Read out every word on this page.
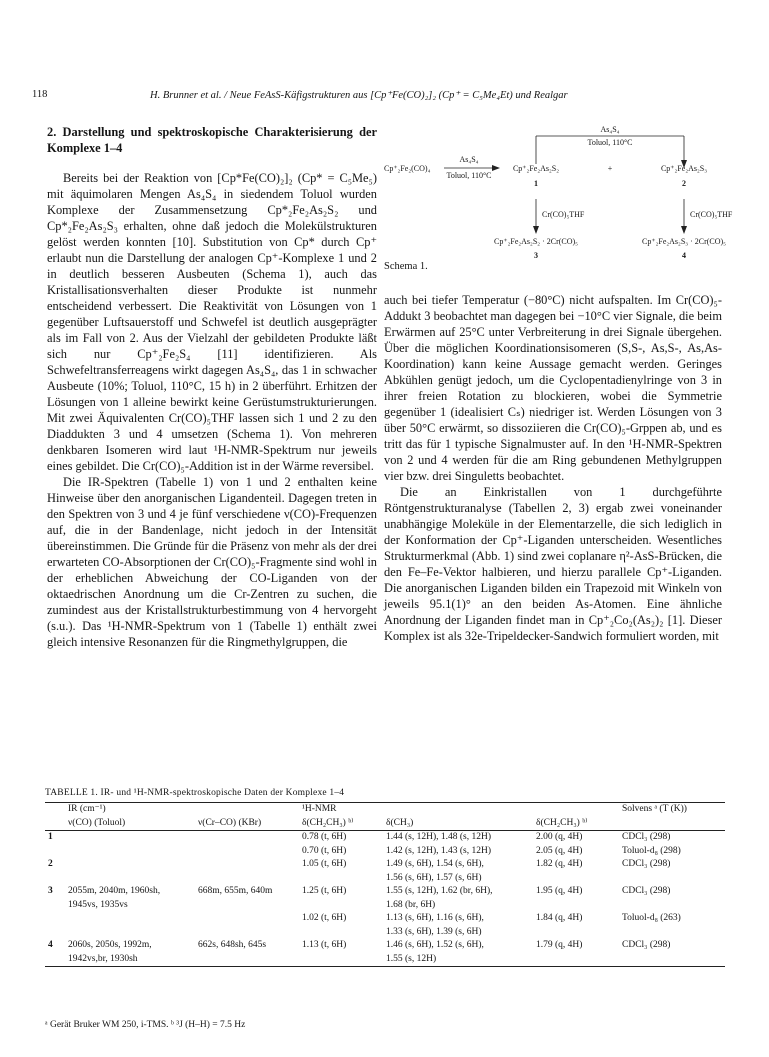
118	H. Brunner et al. / Neue FeAsS-Käfigstrukturen aus [Cp⁺Fe(CO)₂]₂ (Cp⁺ = C₅Me₄Et) und Realgar

2. Darstellung und spektroskopische Charakterisierung der Komplexe 1–4

Bereits bei der Reaktion von [Cp*Fe(CO)₂]₂ (Cp* = C₅Me₅) mit äquimolaren Mengen As₄S₄ in siedendem Toluol wurden Komplexe der Zusammensetzung Cp*₂Fe₂As₂S₂ und Cp*₂Fe₂As₂S₃ erhalten, ohne daß jedoch die Molekülstrukturen gelöst werden konnten [10]. Substitution von Cp* durch Cp⁺ erlaubt nun die Darstellung der analogen Cp⁺-Komplexe 1 und 2 in deutlich besseren Ausbeuten (Schema 1), auch das Kristallisationsverhalten dieser Produkte ist nunmehr entscheidend verbessert. Die Reaktivität von Lösungen von 1 gegenüber Luftsauerstoff und Schwefel ist deutlich ausgeprägter als im Fall von 2. Aus der Vielzahl der gebildeten Produkte läßt sich nur Cp⁺₂Fe₂S₄ [11] identifizieren. Als Schwefeltransferreagens wirkt dagegen As₄S₄, das 1 in schwacher Ausbeute (10%; Toluol, 110°C, 15 h) in 2 überführt. Erhitzen der Lösungen von 1 alleine bewirkt keine Gerüstumstrukturierungen. Mit zwei Äquivalenten Cr(CO)₅THF lassen sich 1 und 2 zu den Diaddukten 3 und 4 umsetzen (Schema 1). Von mehreren denkbaren Isomeren wird laut ¹H-NMR-Spektrum nur jeweils eines gebildet. Die Cr(CO)₅-Addition ist in der Wärme reversibel.

Die IR-Spektren (Tabelle 1) von 1 und 2 enthalten keine Hinweise über den anorganischen Ligandenteil. Dagegen treten in den Spektren von 3 und 4 je fünf verschiedene ν(CO)-Frequenzen auf, die in der Bandenlage, nicht jedoch in der Intensität übereinstimmen. Die Gründe für die Präsenz von mehr als der drei erwarteten CO-Absorptionen der Cr(CO)₅-Fragmente sind wohl in der erheblichen Abweichung der CO-Liganden von der oktaedrischen Anordnung um die Cr-Zentren zu suchen, die zumindest aus der Kristallstrukturbestimmung von 4 hervorgeht (s.u.). Das ¹H-NMR-Spektrum von 1 (Tabelle 1) enthält zwei gleich intensive Resonanzen für die Ringmethylgruppen, die

As₄S₄
Toluol, 110°C
Cp⁺₂Fe₂(CO)₄
As₄S₄
Toluol, 110°C
Cp⁺₂Fe₂As₂S₂	+	Cp⁺₂Fe₂As₂S₃
1	2
Cr(CO)₅THF	Cr(CO)₅THF
Cp⁺₂Fe₂As₂S₂ · 2Cr(CO)₅	Cp⁺₂Fe₂As₂S₃ · 2Cr(CO)₅
3	4
Schema 1.

auch bei tiefer Temperatur (−80°C) nicht aufspalten. Im Cr(CO)₅-Addukt 3 beobachtet man dagegen bei −10°C vier Signale, die beim Erwärmen auf 25°C unter Verbreiterung in drei Signale übergehen. Über die möglichen Koordinationsisomeren (S,S-, As,S-, As,As-Koordination) kann keine Aussage gemacht werden. Geringes Abkühlen genügt jedoch, um die Cyclopentadienylringe von 3 in ihrer freien Rotation zu blockieren, wobei die Symmetrie gegenüber 1 (idealisiert Cₛ) niedriger ist. Werden Lösungen von 3 über 50°C erwärmt, so dissoziieren die Cr(CO)₅-Grppen ab, und es tritt das für 1 typische Signalmuster auf. In den ¹H-NMR-Spektren von 2 und 4 werden für die am Ring gebundenen Methylgruppen vier bzw. drei Singuletts beobachtet.

Die an Einkristallen von 1 durchgeführte Röntgenstrukturanalyse (Tabellen 2, 3) ergab zwei voneinander unabhängige Moleküle in der Elementarzelle, die sich lediglich in der Konformation der Cp⁺-Liganden unterscheiden. Wesentliches Strukturmerkmal (Abb. 1) sind zwei coplanare η²-AsS-Brücken, die den Fe–Fe-Vektor halbieren, und hierzu parallele Cp⁺-Liganden. Die anorganischen Liganden bilden ein Trapezoid mit Winkeln von jeweils 95.1(1)° an den beiden As-Atomen. Eine ähnliche Anordnung der Liganden findet man in Cp⁺₂Co₂(As₂)₂ [1]. Dieser Komplex ist als 32e-Tripeldecker-Sandwich formuliert worden, mit

TABELLE 1. IR- und ¹H-NMR-spektroskopische Daten der Komplexe 1–4
	IR (cm⁻¹)		¹H-NMR			Solvens ᵃ (T (K))
	ν(CO) (Toluol)	ν(Cr–CO) (KBr)	δ(CH₂CH₃) ᵇ⁾	δ(CH₃)	δ(CH₂CH₃) ᵇ⁾	
1			0.78 (t, 6H)	1.44 (s, 12H), 1.48 (s, 12H)	2.00 (q, 4H)	CDCl₃ (298)
			0.70 (t, 6H)	1.42 (s, 12H), 1.43 (s, 12H)	2.05 (q, 4H)	Toluol-d₈ (298)
2			1.05 (t, 6H)	1.49 (s, 6H), 1.54 (s, 6H),	1.82 (q, 4H)	CDCl₃ (298)
				1.56 (s, 6H), 1.57 (s, 6H)		
3	2055m, 2040m, 1960sh,	668m, 655m, 640m	1.25 (t, 6H)	1.55 (s, 12H), 1.62 (br, 6H),	1.95 (q, 4H)	CDCl₃ (298)
	1945vs, 1935vs			1.68 (br, 6H)		
			1.02 (t, 6H)	1.13 (s, 6H), 1.16 (s, 6H),	1.84 (q, 4H)	Toluol-d₈ (263)
				1.33 (s, 6H), 1.39 (s, 6H)		
4	2060s, 2050s, 1992m,	662s, 648sh, 645s	1.13 (t, 6H)	1.46 (s, 6H), 1.52 (s, 6H),	1.79 (q, 4H)	CDCl₃ (298)
	1942vs,br, 1930sh			1.55 (s, 12H)		
ᵃ Gerät Bruker WM 250, i-TMS. ᵇ ³J (H–H) = 7.5 Hz
